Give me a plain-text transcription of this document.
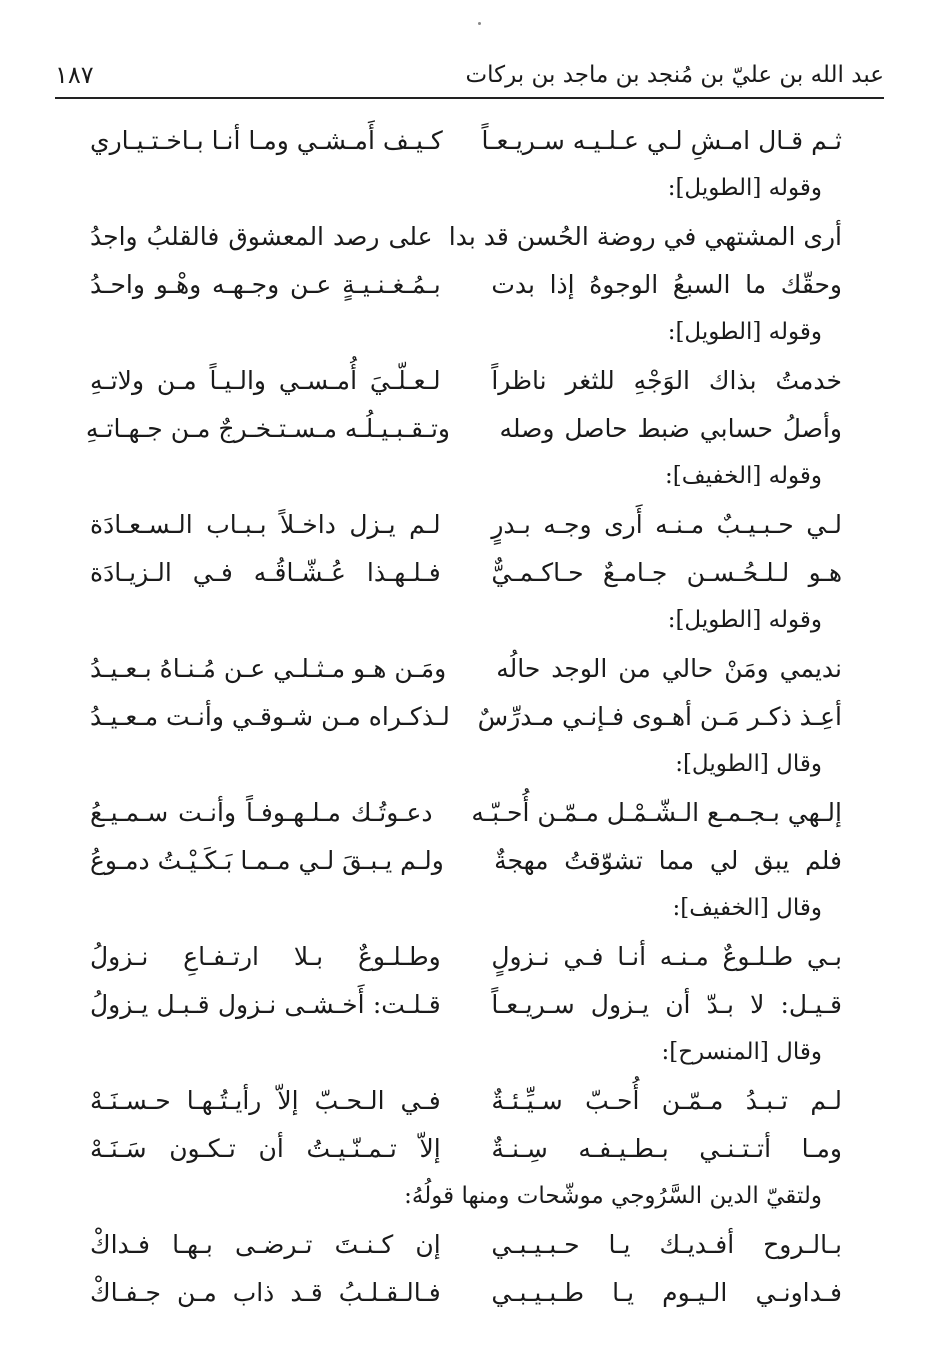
عبد الله بن عليّ بن مُنجد بن ماجد بن بركات
١٨٧
ثـم قـال امـشِ لـي عـلـيـه سـريـعـاً
كـيـف أَمـشـي ومـا أنـا بـاخـتـيـاري
وقوله [الطويل]:
أرى المشتهي في روضة الحُسن قد بدا
على رصد المعشوق فالقلبُ واجدُ
وحقّك ما السبعُ الوجوهُ إذا بدت
بـمُـغـنـيـةٍ عـن وجـهـه وهْـو واحـدُ
وقوله [الطويل]:
خدمتُ بذاك الوَجْهِ للثغر ناظراً
لـعـلّـيَ أُمـسـي والـيـاً مـن ولاتـهِ
وأصلُ حسابي ضبط حاصل وصله
وتـقـبـيـلُـه مـسـتـخـرجٌ مـن جـهـاتـهِ
وقوله [الخفيف]:
لـي حـبـيـبٌ مـنـه أَرى وجـه بـدرٍ
لـم يـزل داخـلاً بـبـاب الـسـعـادَة
هـو لـلـحُـسـن جـامـعٌ حـاكـمـيٌّ
فـلـهـذا عُـشّـاقُـه فـي الـزيـادَة
وقوله [الطويل]:
نديمي ومَنْ حالي من الوجد حالُه
ومَـن هـو مـثـلـي عـن مُـنـاهُ بـعـيـدُ
أعِـذ ذكـر مَـن أهـوى فـإنـي مـدرِّسٌ
لـذكـراه مـن شـوقـي وأنـت مـعـيـدُ
وقال [الطويل]:
إلـهي بـجـمـع الـشّـمْـل مـمّـن أُحـبّـه
دعـوتُـك مـلـهـوفـاً وأنـت سـمـيـعُ
فلم يبق لي مما تشوّقتُ مهجةٌ
ولـم يـبـقَ لـي مـمـا بَـكَـيْـتُ دمـوعُ
وقال [الخفيف]:
بـي طـلـوعٌ مـنـه أنـا فـي نـزولٍ
وطـلـوعٌ بـلا ارتـفـاعِ نـزولُ
قـيـل: لا بـدّ أن يـزول سـريـعـاً
قـلـت: أَخـشـى نـزول قـبـل يـزولُ
وقال [المنسرح]:
لـم تـبـدُ مـمّـن أُحـبّ سـيِّـئـةٌ
فـي الـحـبّ إلاّ رأيـتُـهـا حـسـنَـهْ
ومـا أتـتـنـي بـطـيـفـه سِـنـةٌ
إلاّ تـمـنّـيـتُ أن تـكـون سَـنَـهْ
ولتقيّ الدين السَّرُوجي موشّحات ومنها قولُهُ:
بـالـروح أفـديـك يـا حـبـيـبـي
إن كـنـتَ تـرضـى بـهـا فـداكْ
فـداونـي الـيـوم يـا طـبـيـبـي
فـالـقـلـبُ قـد ذاب مـن جـفـاكْ
